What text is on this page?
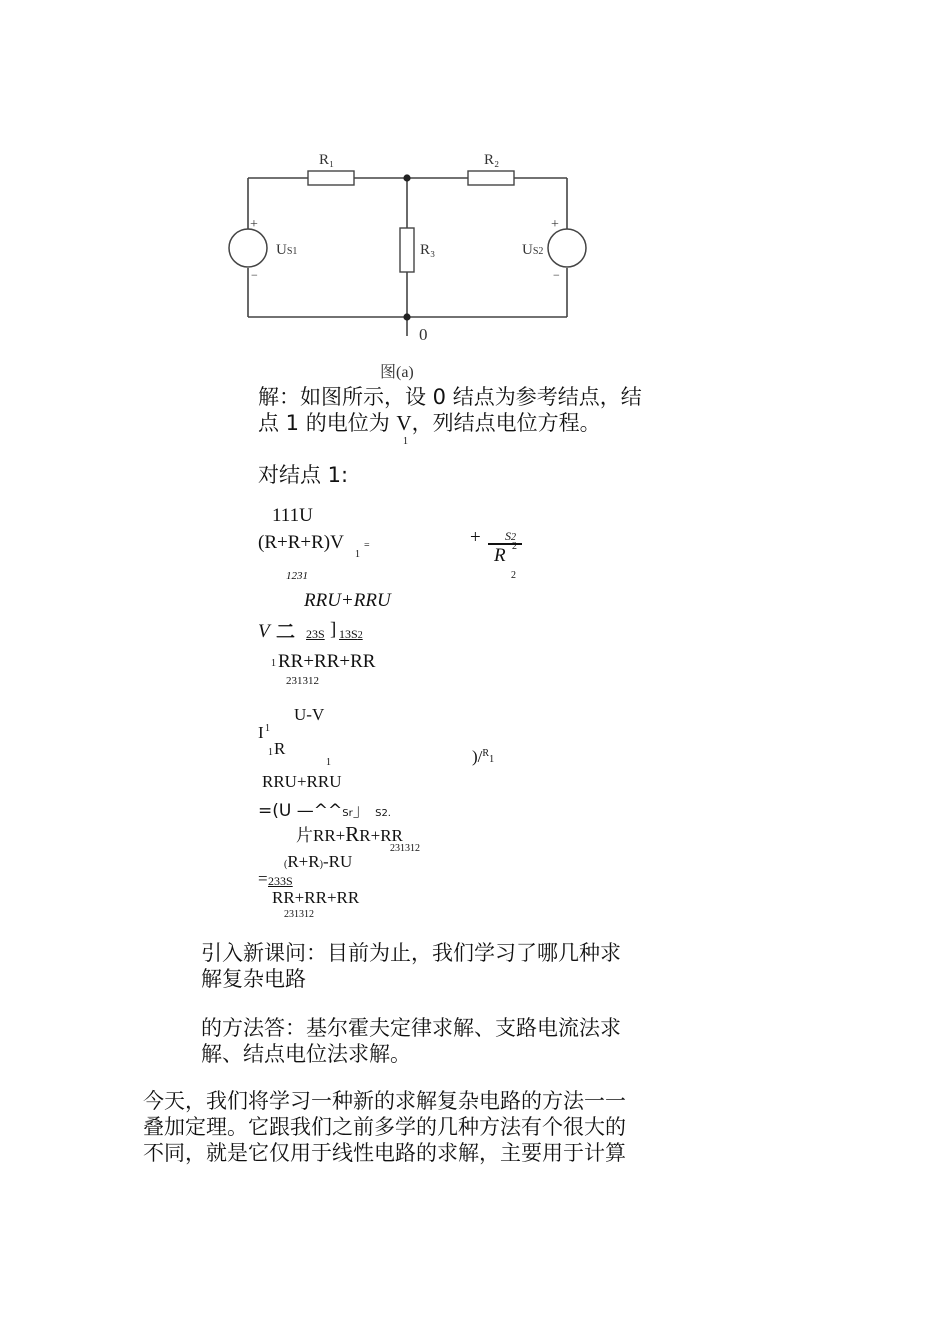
R₁	R₂
R₃
US1	US2
+
−
+
−
0
图(a)
解：如图所示，设 0 结点为参考结点，结
点 1 的电位为 V，列结点电位方程。
1
对结点 1:
111U
(R+R+R)V
1
=	+ S2
R 2
1231	2
RRU+RRU
V 二 23S ] 13S2
1 RR+RR+RR
231312
U-V
I 1
1 R
1	)/$^R$1
RRU+RRU
=(U —^^Sr」 S2.
片RR+RR+RR
231312
(R+R)-RU
= 233S
RR+RR+RR
231312
引入新课问：目前为止，我们学习了哪几种求
解复杂电路
的方法答：基尔霍夫定律求解、支路电流法求
解、结点电位法求解。
今天，我们将学习一种新的求解复杂电路的方法一一
叠加定理。它跟我们之前多学的几种方法有个很大的
不同，就是它仅用于线性电路的求解，主要用于计算
